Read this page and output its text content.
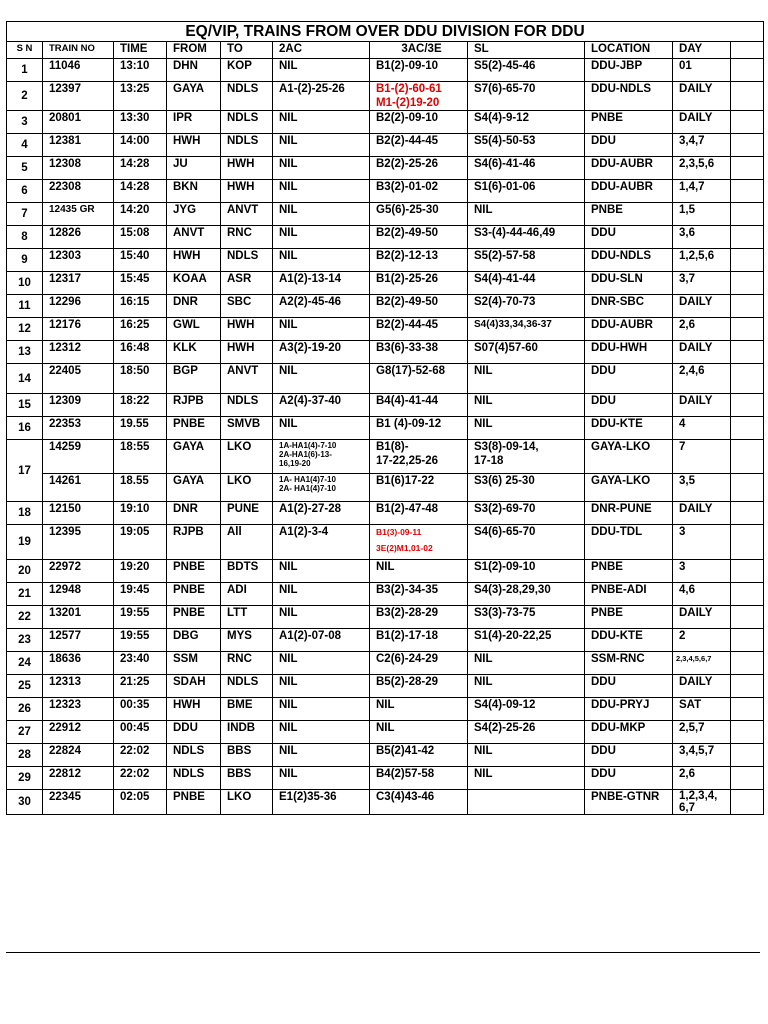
EQ/VIP, TRAINS FROM OVER DDU DIVISION FOR DDU										
S N	TRAIN NO	TIME	FROM	TO	2AC	3AC/3E	SL	LOCATION	DAY	
1	11046	13:10	DHN	KOP	NIL	B1(2)-09-10	S5(2)-45-46	DDU-JBP	01	
2	12397	13:25	GAYA	NDLS	A1-(2)-25-26	B1-(2)-60-61
M1-(2)19-20	S7(6)-65-70	DDU-NDLS	DAILY	
3	20801	13:30	IPR	NDLS	NIL	B2(2)-09-10	S4(4)-9-12	PNBE	DAILY	
4	12381	14:00	HWH	NDLS	NIL	B2(2)-44-45	S5(4)-50-53	DDU	3,4,7	
5	12308	14:28	JU	HWH	NIL	B2(2)-25-26	S4(6)-41-46	DDU-AUBR	2,3,5,6	
6	22308	14:28	BKN	HWH	NIL	B3(2)-01-02	S1(6)-01-06	DDU-AUBR	1,4,7	
7	12435 GR	14:20	JYG	ANVT	NIL	G5(6)-25-30	NIL	PNBE	1,5	
8	12826	15:08	ANVT	RNC	NIL	B2(2)-49-50	S3-(4)-44-46,49	DDU	3,6	
9	12303	15:40	HWH	NDLS	NIL	B2(2)-12-13	S5(2)-57-58	DDU-NDLS	1,2,5,6	
10	12317	15:45	KOAA	ASR	A1(2)-13-14	B1(2)-25-26	S4(4)-41-44	DDU-SLN	3,7	
11	12296	16:15	DNR	SBC	A2(2)-45-46	B2(2)-49-50	S2(4)-70-73	DNR-SBC	DAILY	
12	12176	16:25	GWL	HWH	NIL	B2(2)-44-45	S4(4)33,34,36-37	DDU-AUBR	2,6	
13	12312	16:48	KLK	HWH	A3(2)-19-20	B3(6)-33-38	S07(4)57-60	DDU-HWH	DAILY	
14	22405	18:50	BGP	ANVT	NIL	G8(17)-52-68	NIL	DDU	2,4,6	
15	12309	18:22	RJPB	NDLS	A2(4)-37-40	B4(4)-41-44	NIL	DDU	DAILY	
16	22353	19.55	PNBE	SMVB	NIL	B1 (4)-09-12	NIL	DDU-KTE	4	
17	14259	18:55	GAYA	LKO	1A-HA1(4)-7-10
2A-HA1(6)-13-
16,19-20	B1(8)-
17-22,25-26	S3(8)-09-14,
17-18	GAYA-LKO	7	
	14261	18.55	GAYA	LKO	1A- HA1(4)7-10
2A- HA1(4)7-10	B1(6)17-22	S3(6) 25-30	GAYA-LKO	3,5	
18	12150	19:10	DNR	PUNE	A1(2)-27-28	B1(2)-47-48	S3(2)-69-70	DNR-PUNE	DAILY	
19	12395	19:05	RJPB	All	A1(2)-3-4	B1(3)-09-11
3E(2)M1,01-02	S4(6)-65-70	DDU-TDL	3	
20	22972	19:20	PNBE	BDTS	NIL	NIL	S1(2)-09-10	PNBE	3	
21	12948	19:45	PNBE	ADI	NIL	B3(2)-34-35	S4(3)-28,29,30	PNBE-ADI	4,6	
22	13201	19:55	PNBE	LTT	NIL	B3(2)-28-29	S3(3)-73-75	PNBE	DAILY	
23	12577	19:55	DBG	MYS	A1(2)-07-08	B1(2)-17-18	S1(4)-20-22,25	DDU-KTE	2	
24	18636	23:40	SSM	RNC	NIL	C2(6)-24-29	NIL	SSM-RNC	2,3,4,5,6,7	
25	12313	21:25	SDAH	NDLS	NIL	B5(2)-28-29	NIL	DDU	DAILY	
26	12323	00:35	HWH	BME	NIL	NIL	S4(4)-09-12	DDU-PRYJ	SAT	
27	22912	00:45	DDU	INDB	NIL	NIL	S4(2)-25-26	DDU-MKP	2,5,7	
28	22824	22:02	NDLS	BBS	NIL	B5(2)41-42	NIL	DDU	3,4,5,7	
29	22812	22:02	NDLS	BBS	NIL	B4(2)57-58	NIL	DDU	2,6	
30	22345	02:05	PNBE	LKO	E1(2)35-36	C3(4)43-46		PNBE-GTNR	1,2,3,4,
6,7	
